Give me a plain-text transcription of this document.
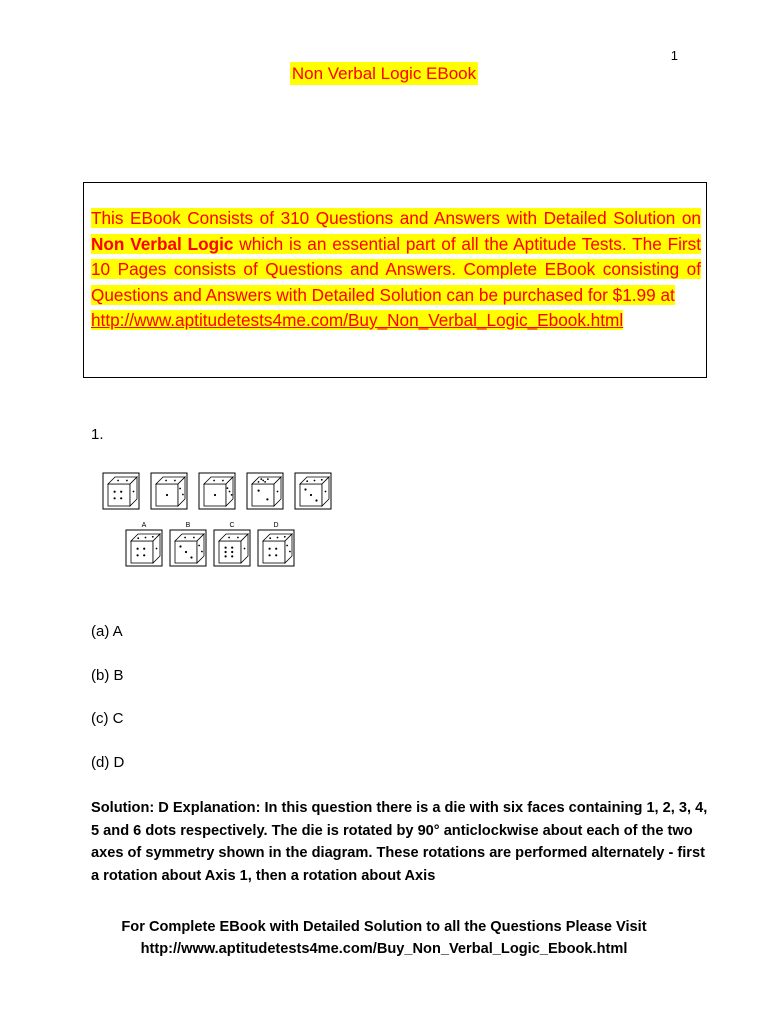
1
Non Verbal Logic EBook
This EBook Consists of 310 Questions and Answers with Detailed Solution on Non Verbal Logic which is an essential part of all the Aptitude Tests. The First 10 Pages consists of Questions and Answers. Complete EBook consisting of Questions and Answers with Detailed Solution can be purchased for $1.99 at
http://www.aptitudetests4me.com/Buy_Non_Verbal_Logic_Ebook.html
1.
A	B	C	D
(a) A
(b) B
(c) C
(d) D
Solution: D Explanation: In this question there is a die with six faces containing 1, 2, 3, 4, 5 and 6 dots respectively. The die is rotated by 90° anticlockwise about each of the two axes of symmetry shown in the diagram. These rotations are performed alternately - first a rotation about Axis 1, then a rotation about Axis
For Complete EBook with Detailed Solution to all the Questions Please Visit
http://www.aptitudetests4me.com/Buy_Non_Verbal_Logic_Ebook.html
